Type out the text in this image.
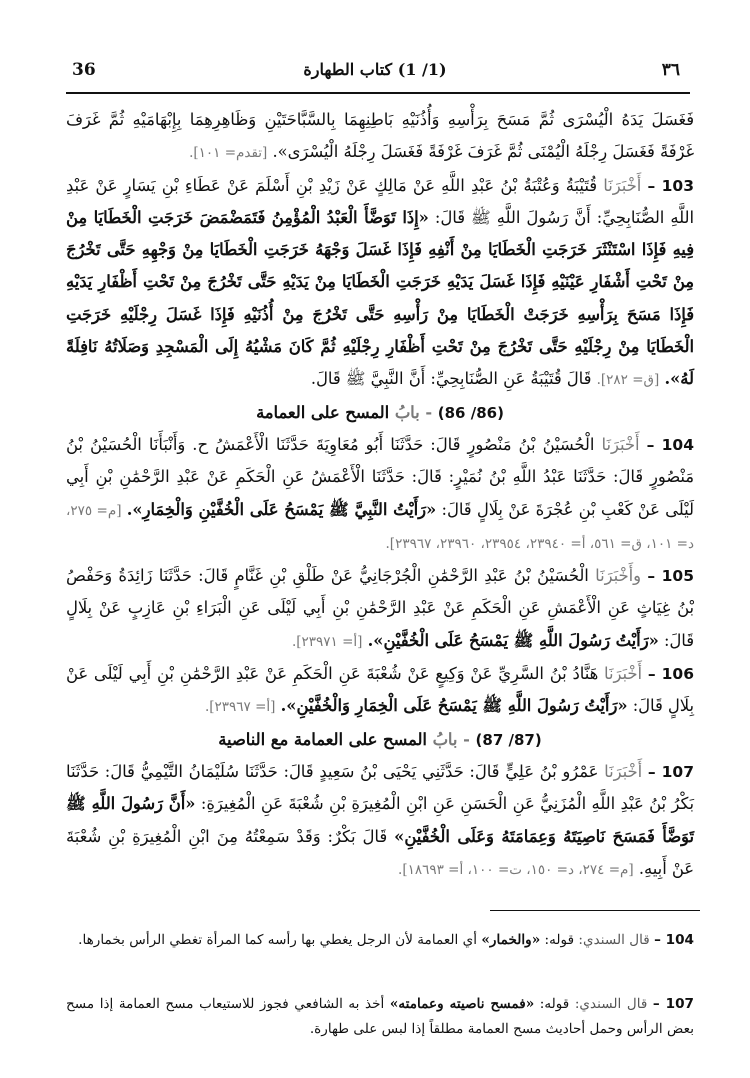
36	(1/ 1) كتاب الطهارة	٣٦

فَغَسَلَ يَدَهُ الْيُسْرَى ثُمَّ مَسَحَ بِرَأْسِهِ وَأُذُنَيْهِ بَاطِنِهِمَا بِالسَّبَّاحَتَيْنِ وَظَاهِرِهِمَا بِإِبْهَامَيْهِ ثُمَّ غَرَفَ غَرْفَةً فَغَسَلَ رِجْلَهُ الْيُمْنَى ثُمَّ غَرَفَ غَرْفَةً فَغَسَلَ رِجْلَهُ الْيُسْرَى». [تقدم= ١٠١].

103 – أَخْبَرَنَا قُتَيْبَةُ وَعُتْبَةُ بْنُ عَبْدِ اللَّهِ عَنْ مَالِكٍ عَنْ زَيْدِ بْنِ أَسْلَمَ عَنْ عَطَاءِ بْنِ يَسَارٍ عَنْ عَبْدِ اللَّهِ الصُّنَابِحِيِّ: أَنَّ رَسُولَ اللَّهِ ﷺ قَالَ: «إِذَا تَوَضَّأَ الْعَبْدُ الْمُؤْمِنُ فَتَمَضْمَضَ خَرَجَتِ الْخَطَايَا مِنْ فِيهِ فَإِذَا اسْتَنْثَرَ خَرَجَتِ الْخَطَايَا مِنْ أَنْفِهِ فَإِذَا غَسَلَ وَجْهَهُ خَرَجَتِ الْخَطَايَا مِنْ وَجْهِهِ حَتَّى تَخْرُجَ مِنْ تَحْتِ أَشْفَارِ عَيْنَيْهِ فَإِذَا غَسَلَ يَدَيْهِ خَرَجَتِ الْخَطَايَا مِنْ يَدَيْهِ حَتَّى تَخْرُجَ مِنْ تَحْتِ أَظْفَارِ يَدَيْهِ فَإِذَا مَسَحَ بِرَأْسِهِ خَرَجَتْ الْخَطَايَا مِنْ رَأْسِهِ حَتَّى تَخْرُجَ مِنْ أُذُنَيْهِ فَإِذَا غَسَلَ رِجْلَيْهِ خَرَجَتِ الْخَطَايَا مِنْ رِجْلَيْهِ حَتَّى تَخْرُجَ مِنْ تَحْتِ أَظْفَارِ رِجْلَيْهِ ثُمَّ كَانَ مَشْيُهُ إِلَى الْمَسْجِدِ وَصَلَاتُهُ نَافِلَةً لَهُ». [ق= ٢٨٢]. قَالَ قُتَيْبَةُ عَنِ الصُّنَابِحِيِّ: أَنَّ النَّبِيَّ ﷺ قَالَ.

(86/ 86) - بابُ المسح على العمامة

104 – أَخْبَرَنَا الْحُسَيْنُ بْنُ مَنْصُورٍ قَالَ: حَدَّثَنَا أَبُو مُعَاوِيَةَ حَدَّثَنَا الْأَعْمَشُ ح. وَأَنْبَأَنَا الْحُسَيْنُ بْنُ مَنْصُورٍ قَالَ: حَدَّثَنَا عَبْدُ اللَّهِ بْنُ نُمَيْرٍ: قَالَ: حَدَّثَنَا الْأَعْمَشُ عَنِ الْحَكَمِ عَنْ عَبْدِ الرَّحْمَٰنِ بْنِ أَبِي لَيْلَى عَنْ كَعْبِ بْنِ عُجْرَةَ عَنْ بِلَالٍ قَالَ: «رَأَيْتُ النَّبِيَّ ﷺ يَمْسَحُ عَلَى الْخُفَّيْنِ وَالْخِمَارِ». [م= ٢٧٥، د= ١٠١، ق= ٥٦١، أ= ٢٣٩٤٠، ٢٣٩٥٤، ٢٣٩٦٠، ٢٣٩٦٧].

105 – وأَخْبَرَنَا الْحُسَيْنُ بْنُ عَبْدِ الرَّحْمَٰنِ الْجُرْجَانِيُّ عَنْ طَلْقِ بْنِ غَنَّامٍ قَالَ: حَدَّثَنَا زَائِدَةُ وَحَفْصُ بْنُ غِيَاثٍ عَنِ الْأَعْمَشِ عَنِ الْحَكَمِ عَنْ عَبْدِ الرَّحْمَٰنِ بْنِ أَبِي لَيْلَى عَنِ الْبَرَاءِ بْنِ عَازِبٍ عَنْ بِلَالٍ قَالَ: «رَأَيْتُ رَسُولَ اللَّهِ ﷺ يَمْسَحُ عَلَى الْخُفَّيْنِ». [أ= ٢٣٩٧١].

106 – أَخْبَرَنَا هَنَّادُ بْنُ السَّرِيِّ عَنْ وَكِيعٍ عَنْ شُعْبَةَ عَنِ الْحَكَمِ عَنْ عَبْدِ الرَّحْمَٰنِ بْنِ أَبِي لَيْلَى عَنْ بِلَالٍ قَالَ: «رَأَيْتُ رَسُولَ اللَّهِ ﷺ يَمْسَحُ عَلَى الْخِمَارِ وَالْخُفَّيْنِ». [أ= ٢٣٩٦٧].

(87/ 87) - بابُ المسح على العمامة مع الناصية

107 – أَخْبَرَنَا عَمْرُو بْنُ عَلِيٍّ قَالَ: حَدَّثَنِي يَحْيَى بْنُ سَعِيدٍ قَالَ: حَدَّثَنَا سُلَيْمَانُ التَّيْمِيُّ قَالَ: حَدَّثَنَا بَكْرُ بْنُ عَبْدِ اللَّهِ الْمُزَنِيُّ عَنِ الْحَسَنِ عَنِ ابْنِ الْمُغِيرَةِ بْنِ شُعْبَةَ عَنِ الْمُغِيرَةِ: «أَنَّ رَسُولَ اللَّهِ ﷺ تَوَضَّأَ فَمَسَحَ نَاصِيَتَهُ وَعِمَامَتَهُ وَعَلَى الْخُفَّيْنِ» قَالَ بَكْرٌ: وَقَدْ سَمِعْتُهُ مِنَ ابْنِ الْمُغِيرَةِ بْنِ شُعْبَةَ عَنْ أَبِيهِ. [م= ٢٧٤، د= ١٥٠، ت= ١٠٠، أ= ١٨٦٩٣].

104 – قال السندي: قوله: «والخمار» أي العمامة لأن الرجل يغطي بها رأسه كما المرأة تغطي الرأس بخمارها.
107 – قال السندي: قوله: «فمسح ناصيته وعمامته» أخذ به الشافعي فجوز للاستيعاب مسح العمامة إذا مسح بعض الرأس وحمل أحاديث مسح العمامة مطلقاً إذا لبس على طهارة.
